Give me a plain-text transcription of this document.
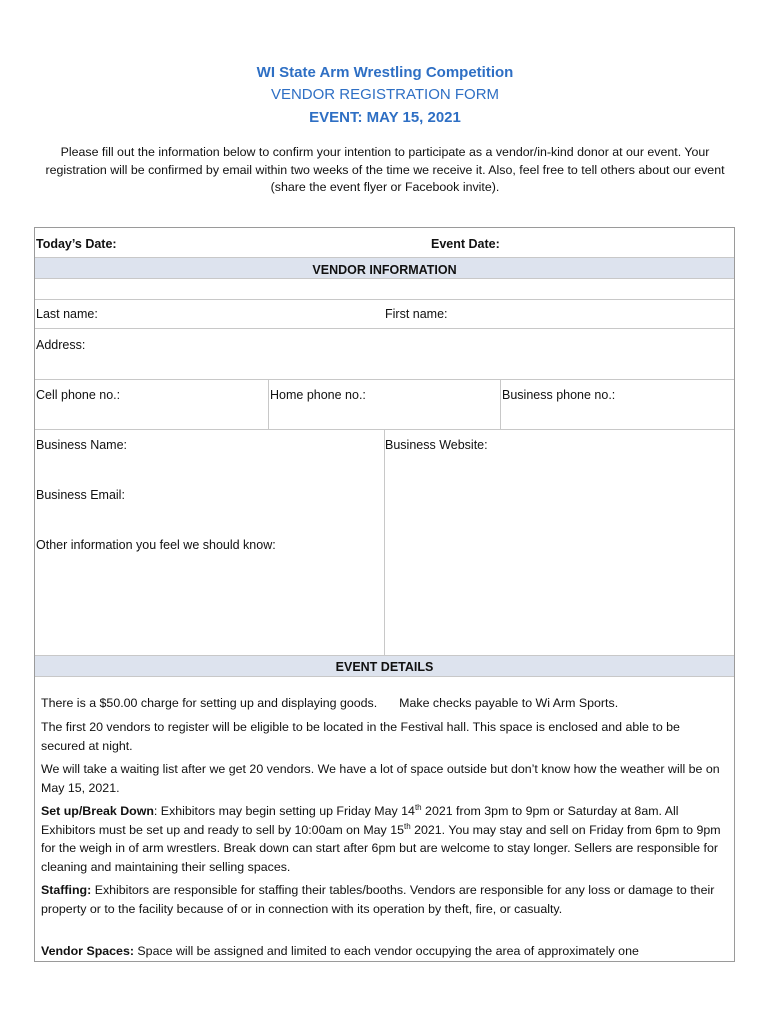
WI State Arm Wrestling Competition
VENDOR REGISTRATION FORM
EVENT: MAY 15, 2021
Please fill out the information below to confirm your intention to participate as a vendor/in-kind donor at our event. Your registration will be confirmed by email within two weeks of the time we receive it. Also, feel free to tell others about our event (share the event flyer or Facebook invite).
Today’s Date:	Event Date:
VENDOR INFORMATION
Last name:	First name:
Address:
Cell phone no.:	Home phone no.:	Business phone no.:
Business Name:	Business Website:
Business Email:
Other information you feel we should know:
EVENT DETAILS
There is a $50.00 charge for setting up and displaying goods. Make checks payable to Wi Arm Sports.
The first 20 vendors to register will be eligible to be located in the Festival hall. This space is enclosed and able to be secured at night.
We will take a waiting list after we get 20 vendors. We have a lot of space outside but don’t know how the weather will be on May 15, 2021.
Set up/Break Down: Exhibitors may begin setting up Friday May 14th 2021 from 3pm to 9pm or Saturday at 8am. All Exhibitors must be set up and ready to sell by 10:00am on May 15th 2021. You may stay and sell on Friday from 6pm to 9pm for the weigh in of arm wrestlers. Break down can start after 6pm but are welcome to stay longer. Sellers are responsible for cleaning and maintaining their selling spaces.
Staffing: Exhibitors are responsible for staffing their tables/booths. Vendors are responsible for any loss or damage to their property or to the facility because of or in connection with its operation by theft, fire, or casualty.
Vendor Spaces: Space will be assigned and limited to each vendor occupying the area of approximately one
